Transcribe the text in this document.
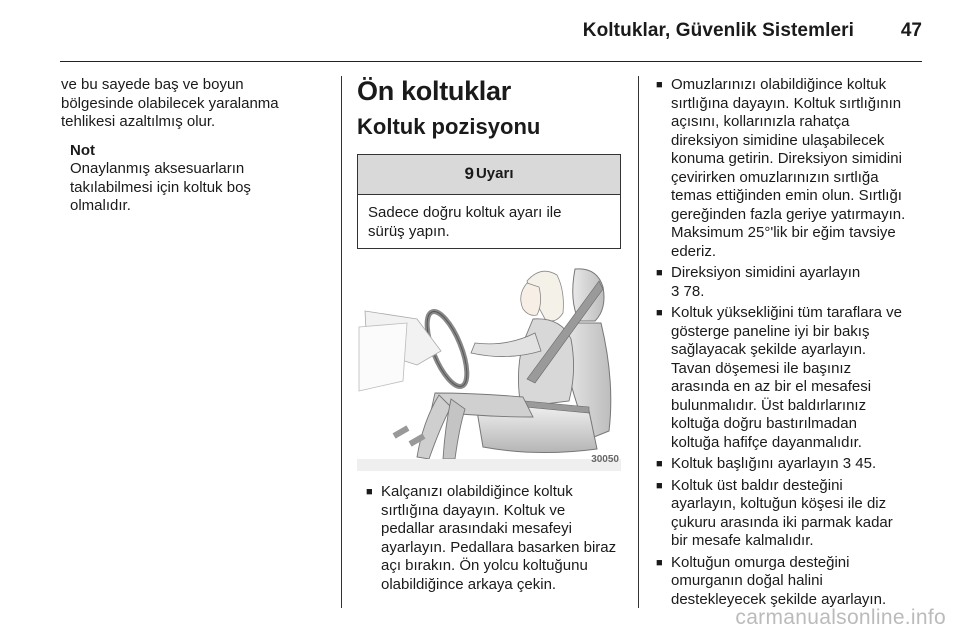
Koltuklar, Güvenlik Sistemleri 47
ve bu sayede baş ve boyun
bölgesinde olabilecek yaralanma
tehlikesi azaltılmış olur.
Not
Onaylanmış aksesuarların
takılabilmesi için koltuk boş
olmalıdır.
Ön koltuklar
Koltuk pozisyonu
9 Uyarı
Sadece doğru koltuk ayarı ile
sürüş yapın.
30050
■ Kalçanızı olabildiğince koltuk
sırtlığına dayayın. Koltuk ve
pedallar arasındaki mesafeyi
ayarlayın. Pedallara basarken biraz
açı bırakın. Ön yolcu koltuğunu
olabildiğince arkaya çekin.
■ Omuzlarınızı olabildiğince koltuk
sırtlığına dayayın. Koltuk sırtlığının
açısını, kollarınızla rahatça
direksiyon simidine ulaşabilecek
konuma getirin. Direksiyon simidini
çevirirken omuzlarınızın sırtlığa
temas ettiğinden emin olun. Sırtlığı
gereğinden fazla geriye yatırmayın.
Maksimum 25°'lik bir eğim tavsiye
ederiz.
■ Direksiyon simidini ayarlayın
3 78.
■ Koltuk yüksekliğini tüm taraflara ve
gösterge paneline iyi bir bakış
sağlayacak şekilde ayarlayın.
Tavan döşemesi ile başınız
arasında en az bir el mesafesi
bulunmalıdır. Üst baldırlarınız
koltuğa doğru bastırılmadan
koltuğa hafifçe dayanmalıdır.
■ Koltuk başlığını ayarlayın 3 45.
■ Koltuk üst baldır desteğini
ayarlayın, koltuğun köşesi ile diz
çukuru arasında iki parmak kadar
bir mesafe kalmalıdır.
■ Koltuğun omurga desteğini
omurganın doğal halini
destekleyecek şekilde ayarlayın.
carmanualsonline.info
